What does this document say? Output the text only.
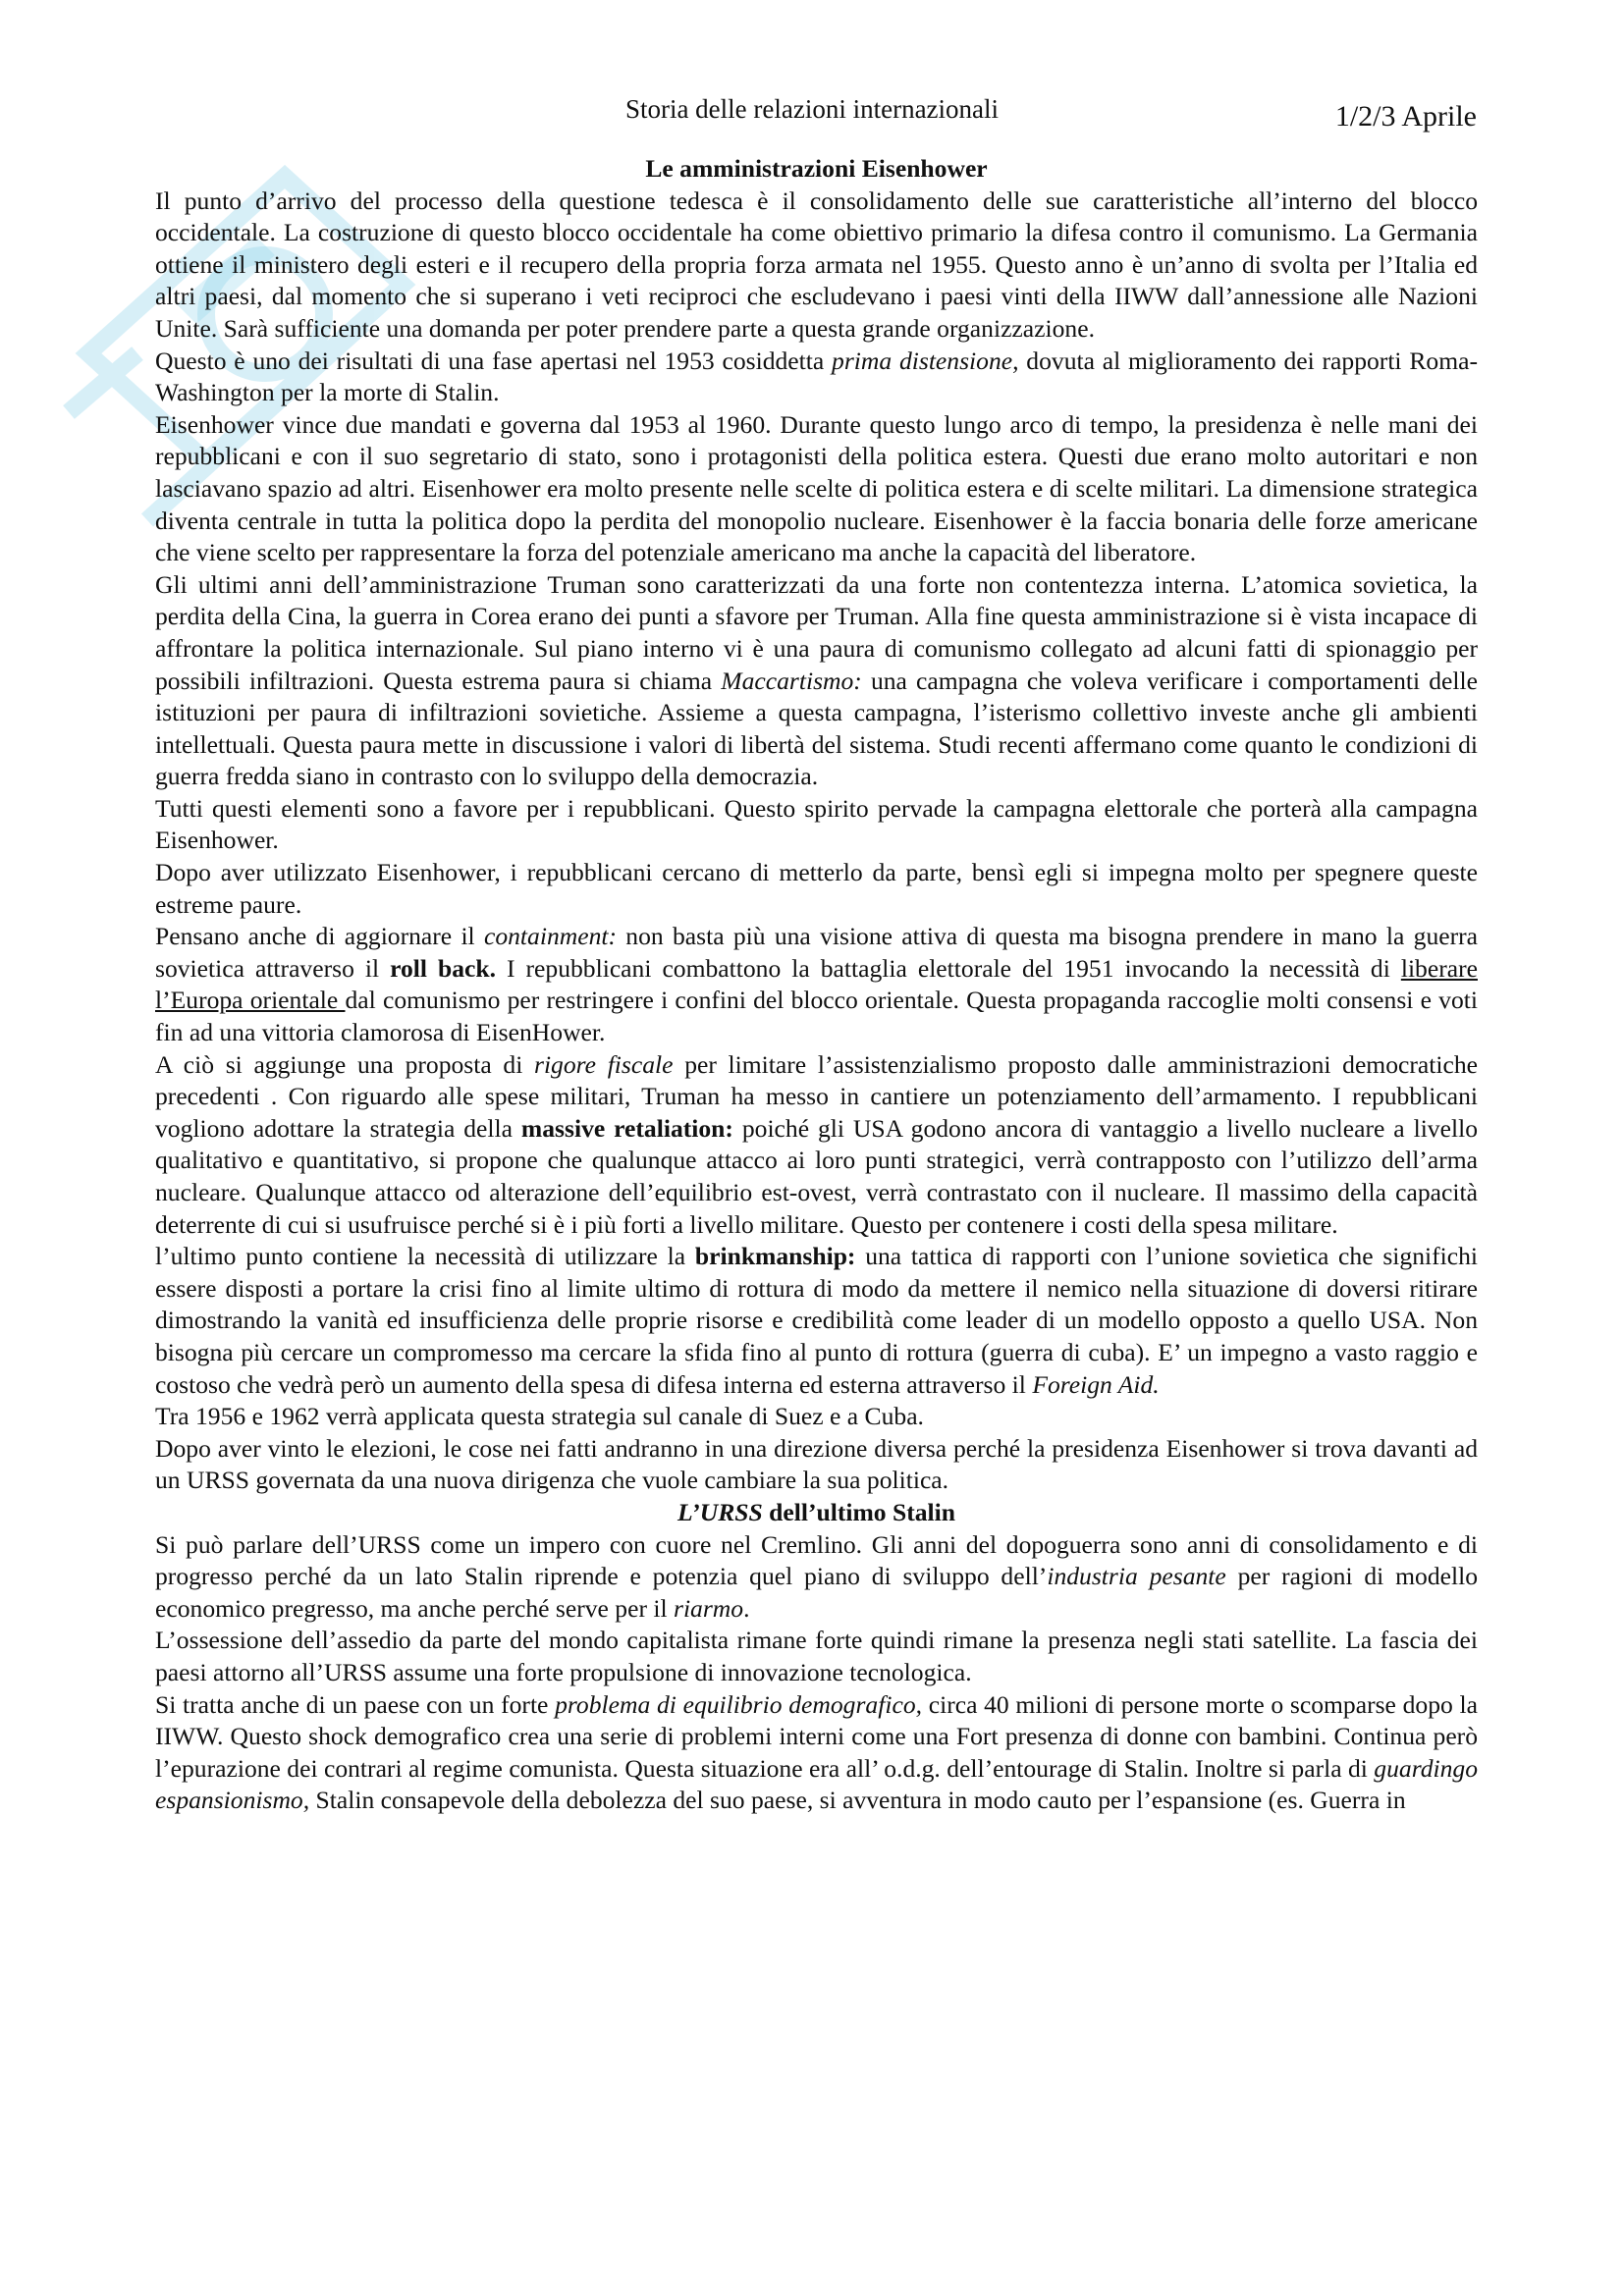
Storia delle relazioni internazionali	1/2/3 Aprile

Le amministrazioni Eisenhower

Il punto d’arrivo del processo della questione tedesca è il consolidamento delle sue caratteristiche all’interno del blocco occidentale. La costruzione di questo blocco occidentale ha come obiettivo primario la difesa contro il comunismo. La Germania ottiene il ministero degli esteri e il recupero della propria forza armata nel 1955. Questo anno è un’anno di svolta per l’Italia ed altri paesi, dal momento che si superano i veti reciproci che escludevano i paesi vinti della IIWW dall’annessione alle Nazioni Unite. Sarà sufficiente una domanda per poter prendere parte a questa grande organizzazione.

Questo è uno dei risultati di una fase apertasi nel 1953 cosiddetta prima distensione, dovuta al miglioramento dei rapporti Roma-Washington per la morte di Stalin.

Eisenhower vince due mandati e governa dal 1953 al 1960. Durante questo lungo arco di tempo, la presidenza è nelle mani dei repubblicani e con il suo segretario di stato, sono i protagonisti della politica estera. Questi due erano molto autoritari e non lasciavano spazio ad altri. Eisenhower era molto presente nelle scelte di politica estera e di scelte militari. La dimensione strategica diventa centrale in tutta la politica dopo la perdita del monopolio nucleare. Eisenhower è la faccia bonaria delle forze americane che viene scelto per rappresentare la forza del potenziale americano ma anche la capacità del liberatore.

Gli ultimi anni dell’amministrazione Truman sono caratterizzati da una forte non contentezza interna. L’atomica sovietica, la perdita della Cina, la guerra in Corea erano dei punti a sfavore per Truman. Alla fine questa amministrazione si è vista incapace di affrontare la politica internazionale. Sul piano interno vi è una paura di comunismo collegato ad alcuni fatti di spionaggio per possibili infiltrazioni. Questa estrema paura si chiama Maccartismo: una campagna che voleva verificare i comportamenti delle istituzioni per paura di infiltrazioni sovietiche. Assieme a questa campagna, l’isterismo collettivo investe anche gli ambienti intellettuali. Questa paura mette in discussione i valori di libertà del sistema. Studi recenti affermano come quanto le condizioni di guerra fredda siano in contrasto con lo sviluppo della democrazia.

Tutti questi elementi sono a favore per i repubblicani. Questo spirito pervade la campagna elettorale che porterà alla campagna Eisenhower.

Dopo aver utilizzato Eisenhower, i repubblicani cercano di metterlo da parte, bensì egli si impegna molto per spegnere queste estreme paure.

Pensano anche di aggiornare il containment: non basta più una visione attiva di questa ma bisogna prendere in mano la guerra sovietica attraverso il roll back. I repubblicani combattono la battaglia elettorale del 1951 invocando la necessità di liberare l’Europa orientale dal comunismo per restringere i confini del blocco orientale. Questa propaganda raccoglie molti consensi e voti fin ad una vittoria clamorosa di EisenHower.

A ciò si aggiunge una proposta di rigore fiscale per limitare l’assistenzialismo proposto dalle amministrazioni democratiche precedenti . Con riguardo alle spese militari, Truman ha messo in cantiere un potenziamento dell’armamento. I repubblicani vogliono adottare la strategia della massive retaliation: poiché gli USA godono ancora di vantaggio a livello nucleare a livello qualitativo e quantitativo, si propone che qualunque attacco ai loro punti strategici, verrà contrapposto con l’utilizzo dell’arma nucleare. Qualunque attacco od alterazione dell’equilibrio est-ovest, verrà contrastato con il nucleare. Il massimo della capacità deterrente di cui si usufruisce perché si è i più forti a livello militare. Questo per contenere i costi della spesa militare.

l’ultimo punto contiene la necessità di utilizzare la brinkmanship: una tattica di rapporti con l’unione sovietica che significhi essere disposti a portare la crisi fino al limite ultimo di rottura di modo da mettere il nemico nella situazione di doversi ritirare dimostrando la vanità ed insufficienza delle proprie risorse e credibilità come leader di un modello opposto a quello USA. Non bisogna più cercare un compromesso ma cercare la sfida fino al punto di rottura (guerra di cuba). E’ un impegno a vasto raggio e costoso che vedrà però un aumento della spesa di difesa interna ed esterna attraverso il Foreign Aid.

Tra 1956 e 1962 verrà applicata questa strategia sul canale di Suez e a Cuba.

Dopo aver vinto le elezioni, le cose nei fatti andranno in una direzione diversa perché la presidenza Eisenhower si trova davanti ad un URSS governata da una nuova dirigenza che vuole cambiare la sua politica.

L’URSS dell’ultimo Stalin

Si può parlare dell’URSS come un impero con cuore nel Cremlino. Gli anni del dopoguerra sono anni di consolidamento e di progresso perché da un lato Stalin riprende e potenzia quel piano di sviluppo dell’industria pesante per ragioni di modello economico pregresso, ma anche perché serve per il riarmo.

L’ossessione dell’assedio da parte del mondo capitalista rimane forte quindi rimane la presenza negli stati satellite. La fascia dei paesi attorno all’URSS assume una forte propulsione di innovazione tecnologica.

Si tratta anche di un paese con un forte problema di equilibrio demografico, circa 40 milioni di persone morte o scomparse dopo la IIWW. Questo shock demografico crea una serie di problemi interni come una Fort presenza di donne con bambini. Continua però l’epurazione dei contrari al regime comunista. Questa situazione era all’ o.d.g. dell’entourage di Stalin. Inoltre si parla di guardingo espansionismo, Stalin consapevole della debolezza del suo paese, si avventura in modo cauto per l’espansione (es. Guerra in
